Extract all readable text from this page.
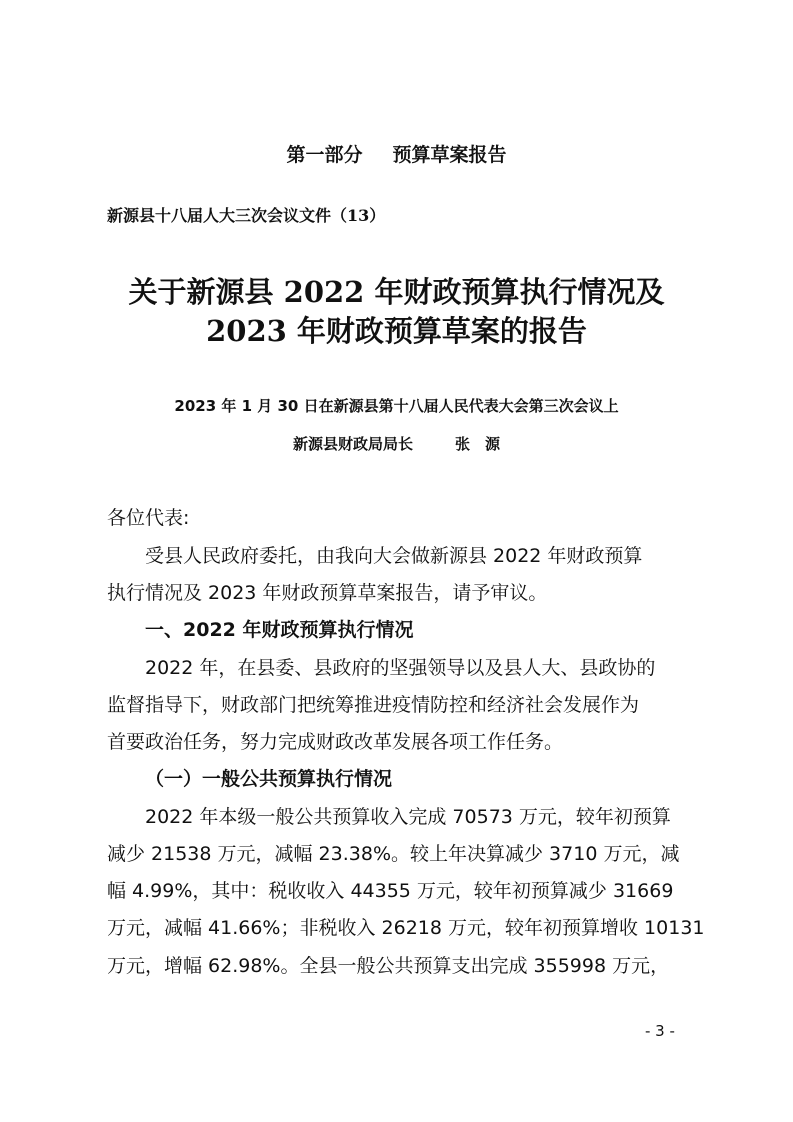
第一部分 预算草案报告
新源县十八届人大三次会议文件（13）
关于新源县 2022 年财政预算执行情况及
2023 年财政预算草案的报告
2023 年 1 月 30 日在新源县第十八届人民代表大会第三次会议上
新源县财政局局长	张　源
各位代表:
受县人民政府委托，由我向大会做新源县 2022 年财政预算
执行情况及 2023 年财政预算草案报告，请予审议。
一、2022 年财政预算执行情况
2022 年，在县委、县政府的坚强领导以及县人大、县政协的
监督指导下，财政部门把统筹推进疫情防控和经济社会发展作为
首要政治任务，努力完成财政改革发展各项工作任务。
（一）一般公共预算执行情况
2022 年本级一般公共预算收入完成 70573 万元，较年初预算
减少 21538 万元，减幅 23.38%。较上年决算减少 3710 万元，减
幅 4.99%，其中：税收收入 44355 万元，较年初预算减少 31669
万元，减幅 41.66%；非税收入 26218 万元，较年初预算增收 10131
万元，增幅 62.98%。全县一般公共预算支出完成 355998 万元，
- 3 -
